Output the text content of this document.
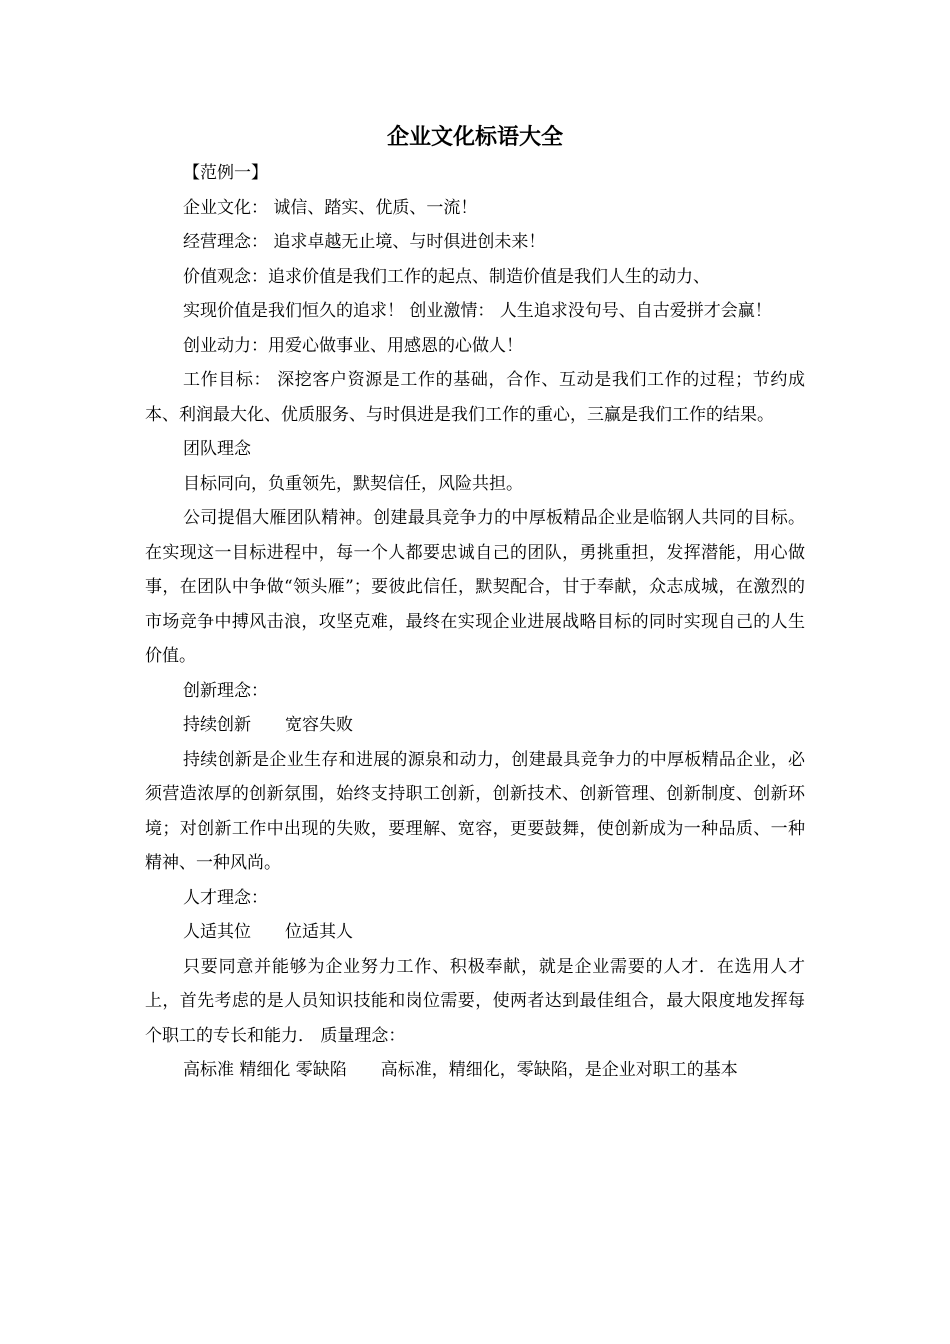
企业文化标语大全

【范例一】

企业文化： 诚信、踏实、优质、一流！

经营理念： 追求卓越无止境、与时俱进创未来！

价值观念：追求价值是我们工作的起点、制造价值是我们人生的动力、

实现价值是我们恒久的追求！ 创业激情： 人生追求没句号、自古爱拼才会赢！

创业动力：用爱心做事业、用感恩的心做人！

工作目标： 深挖客户资源是工作的基础，合作、互动是我们工作的过程；节约成本、利润最大化、优质服务、与时俱进是我们工作的重心，三赢是我们工作的结果。

团队理念

目标同向，负重领先，默契信任，风险共担。

公司提倡大雁团队精神。创建最具竞争力的中厚板精品企业是临钢人共同的目标。在实现这一目标进程中，每一个人都要忠诚自己的团队，勇挑重担，发挥潜能，用心做事，在团队中争做“领头雁”；要彼此信任，默契配合，甘于奉献，众志成城，在激烈的市场竞争中搏风击浪，攻坚克难，最终在实现企业进展战略目标的同时实现自己的人生价值。

创新理念：

持续创新　　宽容失败

持续创新是企业生存和进展的源泉和动力，创建最具竞争力的中厚板精品企业，必须营造浓厚的创新氛围，始终支持职工创新，创新技术、创新管理、创新制度、创新环境；对创新工作中出现的失败，要理解、宽容，更要鼓舞，使创新成为一种品质、一种精神、一种风尚。

人才理念：

人适其位　　位适其人

只要同意并能够为企业努力工作、积极奉献，就是企业需要的人才．在选用人才上，首先考虑的是人员知识技能和岗位需要，使两者达到最佳组合，最大限度地发挥每个职工的专长和能力． 质量理念：

高标准 精细化 零缺陷　　高标准，精细化，零缺陷，是企业对职工的基本
